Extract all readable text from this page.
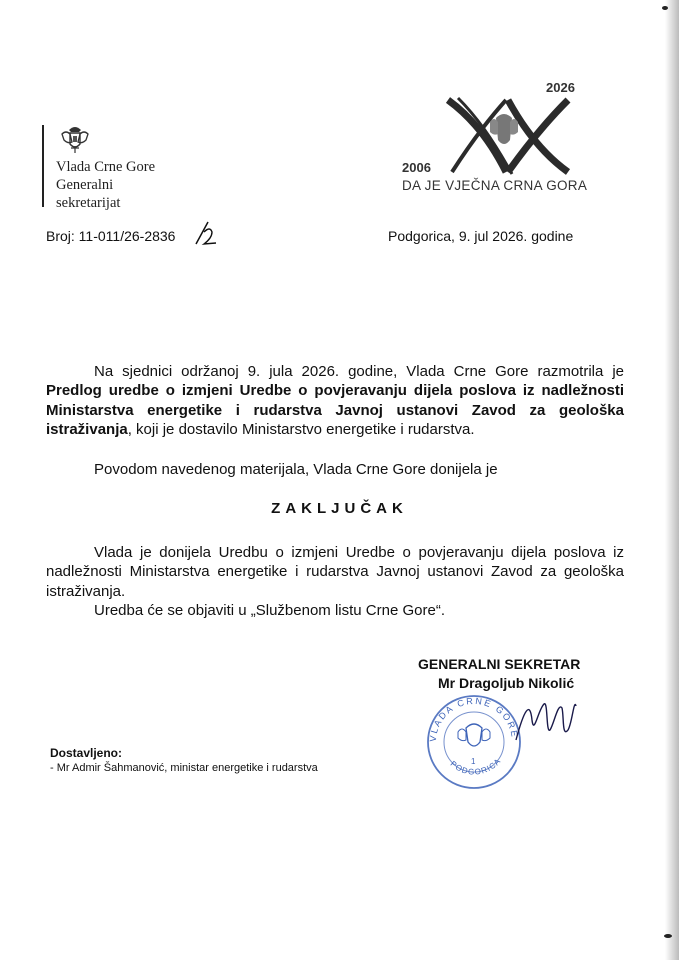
Vlada Crne Gore
Generalni
sekretarijat
2026
2006
DA JE VJEČNA CRNA GORA
Broj: 11-011/26-2836	Podgorica, 9. jul 2026. godine
Na sjednici održanoj 9. jula 2026. godine, Vlada Crne Gore razmotrila je Predlog uredbe o izmjeni Uredbe o povjeravanju dijela poslova iz nadležnosti Ministarstva energetike i rudarstva Javnoj ustanovi Zavod za geološka istraživanja, koji je dostavilo Ministarstvo energetike i rudarstva.
Povodom navedenog materijala, Vlada Crne Gore donijela je
ZAKLJUČAK
Vlada je donijela Uredbu o izmjeni Uredbe o povjeravanju dijela poslova iz nadležnosti Ministarstva energetike i rudarstva Javnoj ustanovi Zavod za geološka istraživanja.
Uredba će se objaviti u „Službenom listu Crne Gore“.
GENERALNI SEKRETAR
Mr Dragoljub Nikolić
VLADA CRNE GORE
PODGORICA
1
Dostavljeno:
- Mr Admir Šahmanović, ministar energetike i rudarstva
